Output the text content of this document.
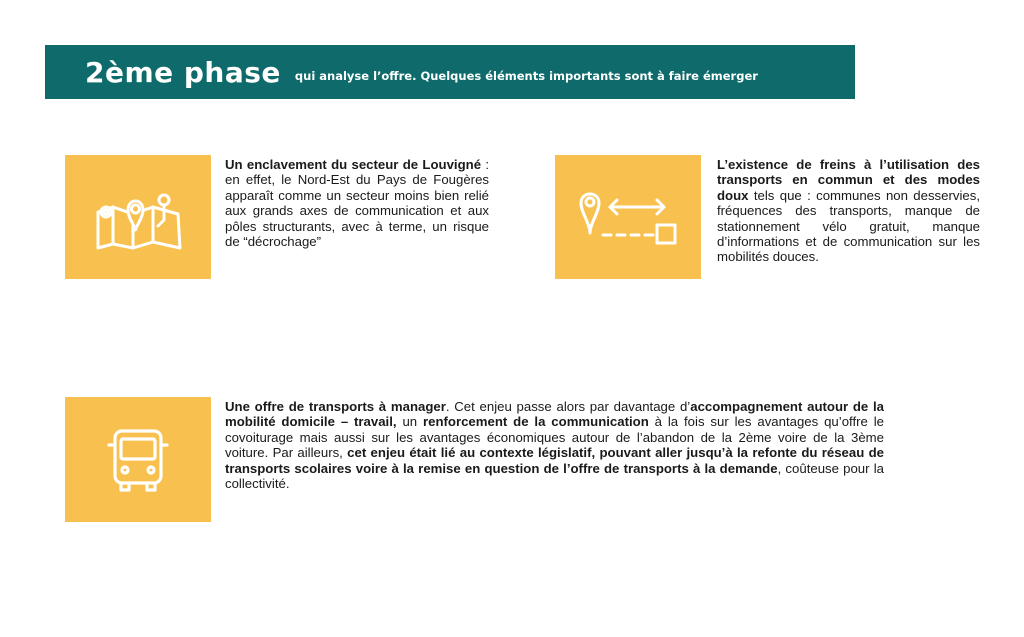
2ème phase qui analyse l’offre. Quelques éléments importants sont à faire émerger
Un enclavement du secteur de Louvigné : en effet, le Nord-Est du Pays de Fougères apparaît comme un secteur moins bien relié aux grands axes de communication et aux pôles structurants, avec à terme, un risque de “décrochage”
L’existence de freins à l’utilisation des transports en commun et des modes doux tels que : communes non desservies, fréquences des transports, manque de stationnement vélo gratuit, manque d’informations et de communication sur les mobilités douces.
Une offre de transports à manager. Cet enjeu passe alors par davantage d’accompagnement autour de la mobilité domicile – travail, un renforcement de la communication à la fois sur les avantages qu’offre le covoiturage mais aussi sur les avantages économiques autour de l’abandon de la 2ème voire de la 3ème voiture. Par ailleurs, cet enjeu était lié au contexte législatif, pouvant aller jusqu’à la refonte du réseau de transports scolaires voire à la remise en question de l’offre de transports à la demande, coûteuse pour la collectivité.
